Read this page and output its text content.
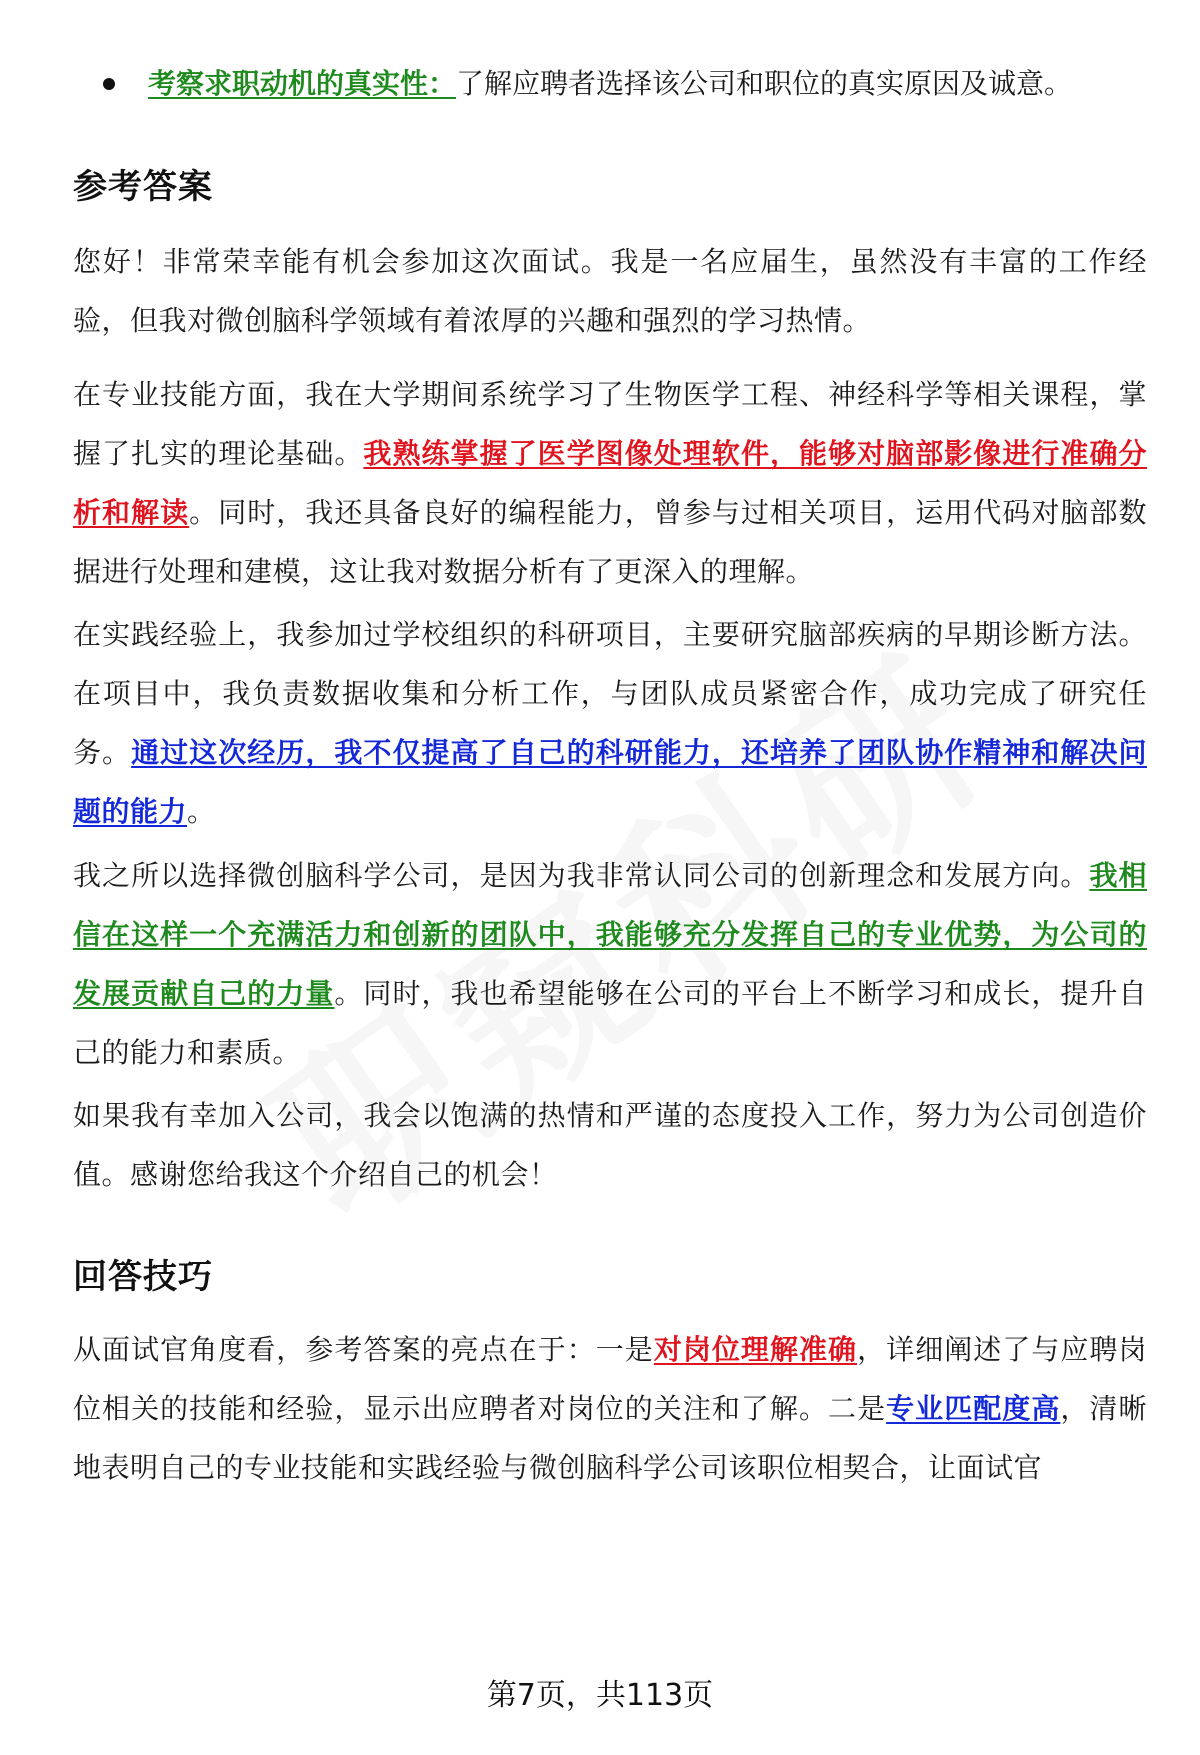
考察求职动机的真实性：了解应聘者选择该公司和职位的真实原因及诚意。
参考答案

您好！非常荣幸能有机会参加这次面试。我是一名应届生，虽然没有丰富的工作经验，但我对微创脑科学领域有着浓厚的兴趣和强烈的学习热情。

在专业技能方面，我在大学期间系统学习了生物医学工程、神经科学等相关课程，掌握了扎实的理论基础。我熟练掌握了医学图像处理软件，能够对脑部影像进行准确分析和解读。同时，我还具备良好的编程能力，曾参与过相关项目，运用代码对脑部数据进行处理和建模，这让我对数据分析有了更深入的理解。

在实践经验上，我参加过学校组织的科研项目，主要研究脑部疾病的早期诊断方法。在项目中，我负责数据收集和分析工作，与团队成员紧密合作，成功完成了研究任务。通过这次经历，我不仅提高了自己的科研能力，还培养了团队协作精神和解决问题的能力。

我之所以选择微创脑科学公司，是因为我非常认同公司的创新理念和发展方向。我相信在这样一个充满活力和创新的团队中，我能够充分发挥自己的专业优势，为公司的发展贡献自己的力量。同时，我也希望能够在公司的平台上不断学习和成长，提升自己的能力和素质。

如果我有幸加入公司，我会以饱满的热情和严谨的态度投入工作，努力为公司创造价值。感谢您给我这个介绍自己的机会！

回答技巧

从面试官角度看，参考答案的亮点在于：一是对岗位理解准确，详细阐述了与应聘岗位相关的技能和经验，显示出应聘者对岗位的关注和了解。二是专业匹配度高，清晰地表明自己的专业技能和实践经验与微创脑科学公司该职位相契合，让面试官

第7页，共113页
